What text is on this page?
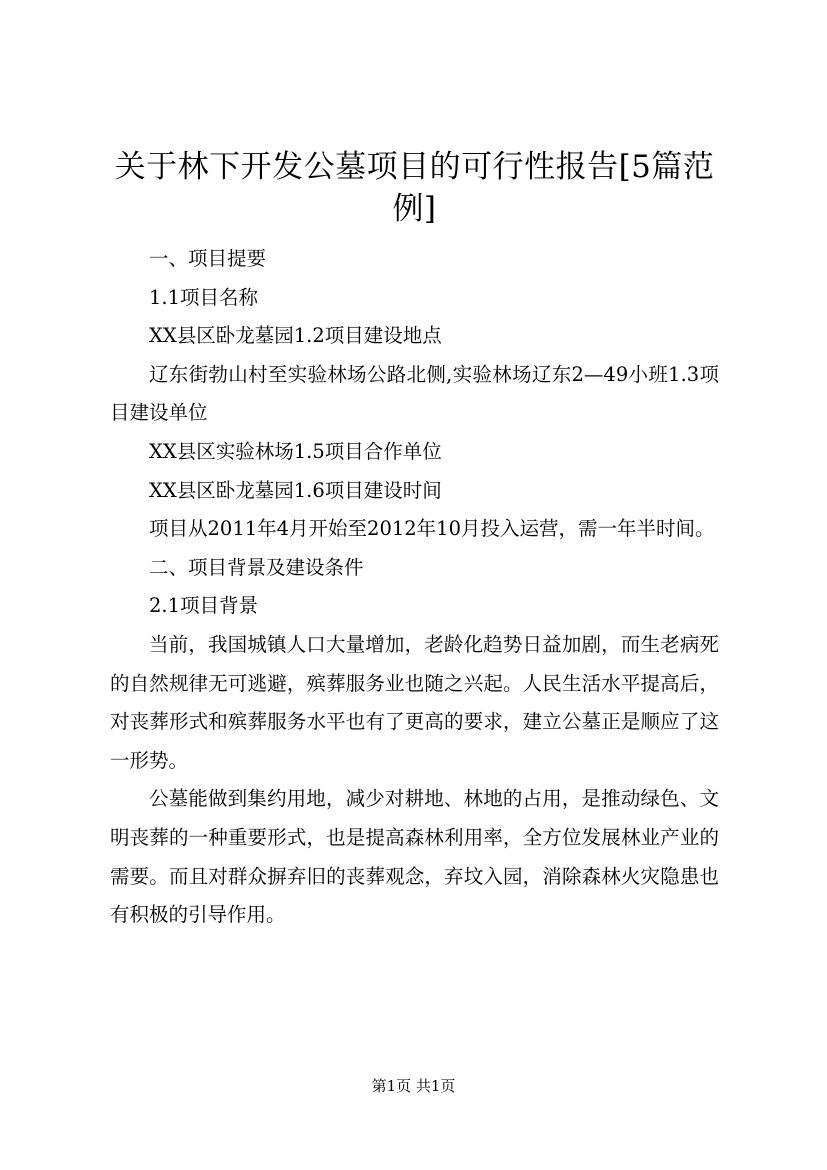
关于林下开发公墓项目的可行性报告[5篇范例]

一、项目提要

1.1项目名称

XX县区卧龙墓园1.2项目建设地点

辽东街勃山村至实验林场公路北侧,实验林场辽东2—49小班1.3项目建设单位

XX县区实验林场1.5项目合作单位

XX县区卧龙墓园1.6项目建设时间

项目从2011年4月开始至2012年10月投入运营，需一年半时间。

二、项目背景及建设条件

2.1项目背景

当前，我国城镇人口大量增加，老龄化趋势日益加剧，而生老病死的自然规律无可逃避，殡葬服务业也随之兴起。人民生活水平提高后，对丧葬形式和殡葬服务水平也有了更高的要求，建立公墓正是顺应了这一形势。

公墓能做到集约用地，减少对耕地、林地的占用，是推动绿色、文明丧葬的一种重要形式，也是提高森林利用率，全方位发展林业产业的需要。而且对群众摒弃旧的丧葬观念，弃坟入园，消除森林火灾隐患也有积极的引导作用。

第1页 共1页
